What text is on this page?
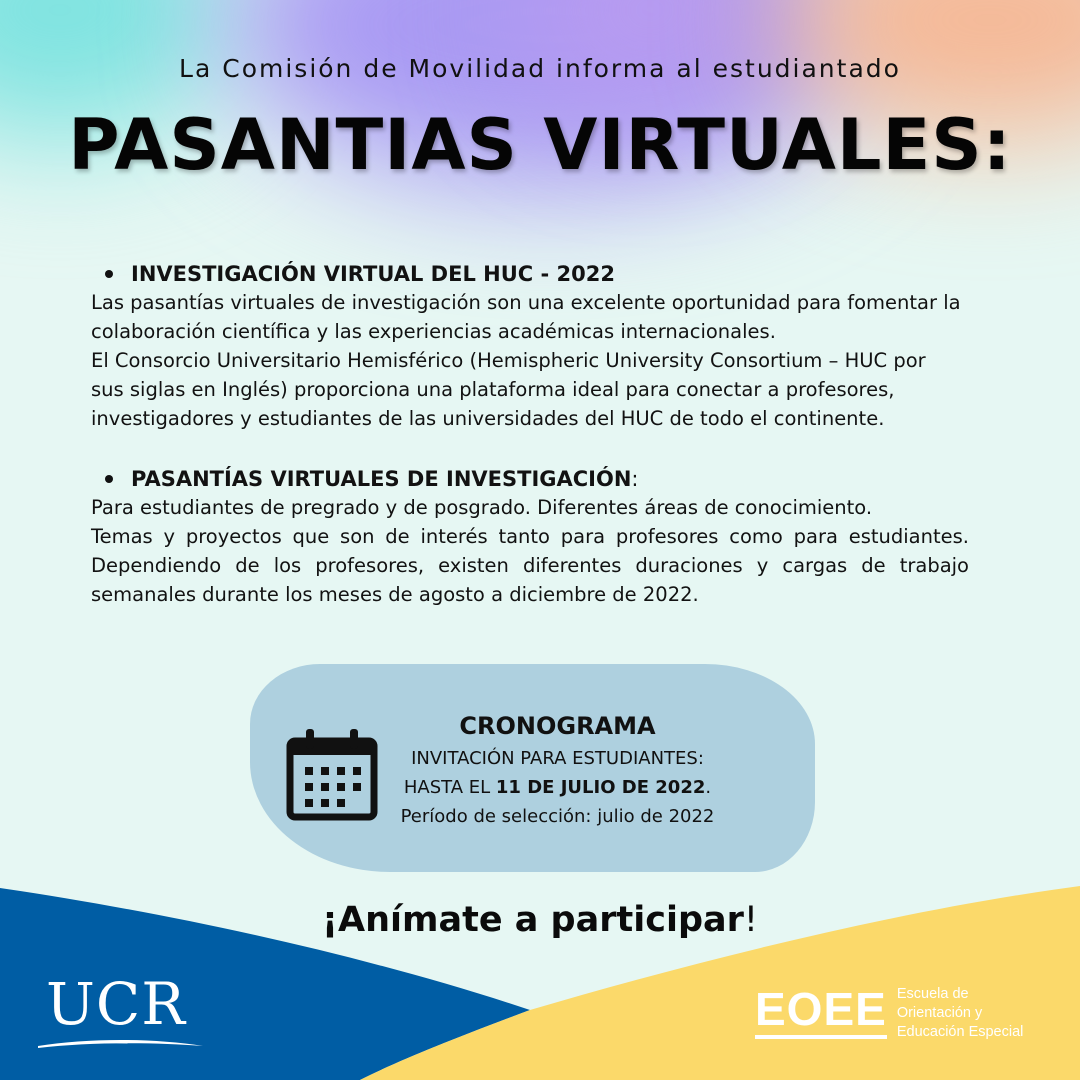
La Comisión de Movilidad informa al estudiantado
PASANTIAS VIRTUALES:
INVESTIGACIÓN VIRTUAL DEL HUC - 2022

Las pasantías virtuales de investigación son una excelente oportunidad para fomentar la

colaboración científica y las experiencias académicas internacionales.

El Consorcio Universitario Hemisférico (Hemispheric University Consortium – HUC por

sus siglas en Inglés) proporciona una plataforma ideal para conectar a profesores,

investigadores y estudiantes de las universidades del HUC de todo el continente.

PASANTÍAS VIRTUALES DE INVESTIGACIÓN :

Para estudiantes de pregrado y de posgrado. Diferentes áreas de conocimiento.

Temas y proyectos que son de interés tanto para profesores como para estudiantes. Dependiendo de los profesores, existen diferentes duraciones y cargas de trabajo semanales durante los meses de agosto a diciembre de 2022.

CRONOGRAMA
INVITACIÓN PARA ESTUDIANTES:
HASTA EL 11 DE JULIO DE 2022.
Período de selección: julio de 2022
¡Anímate a participar!
UCR	EOEE Escuela de
Orientación y
Educación Especial
